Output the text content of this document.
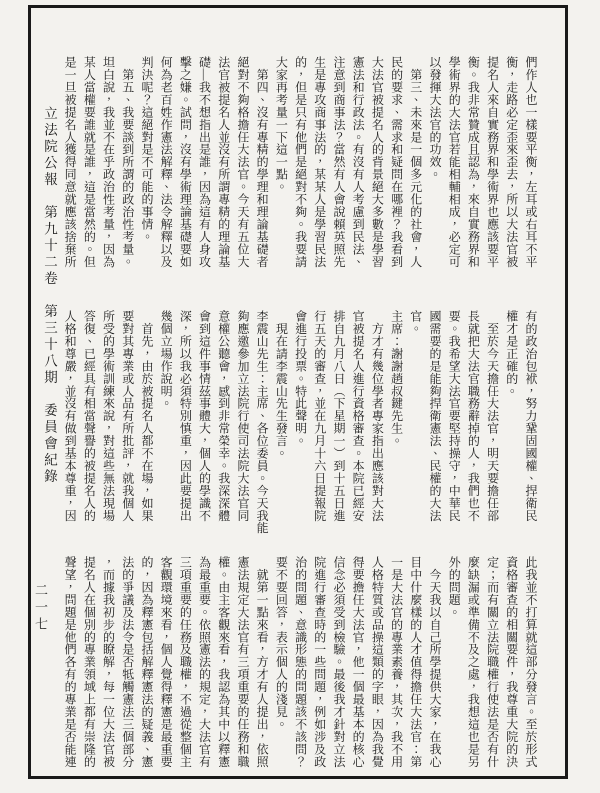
立法院公報　第九十二卷　第三十八期　委員會紀錄
二一七

們作人也一樣要平衡，左耳或右耳不平

衡，走路必定歪來歪去，所以大法官被

提名人來自實務界和學術界也應該要平

衡。我非常贊成且認為，來自實務界和

學術界的大法官若能相輔相成，必定可

以發揮大法官的功效。

　第三、未來是一個多元化的社會，人

民的要求、需求和疑問在哪裡？我看到

大法官被提名人的背景絕大多數是學習

憲法和行政法。有沒有人考慮到民法、

注意到商事法？當然有人會說賴英照先

生是專攻商事法的，某某人是學習民法

的，但是只有他們是絕對不夠。我要請

大家再考量一下這一點。

　第四、沒有專精的學理和理論基礎者

絕對不夠格擔任大法官。今天有五位大

法官被提名人並沒有所謂專精的理論基

礎—我不想指出是誰，因為這有人身攻

擊之嫌。試問，沒有學術理論基礎要如

何為老百姓作憲法解釋、法令解釋以及

判決呢？這絕對是不可能的事情。

　第五、我要談到所謂的政治性考量。

坦白說，我並不在乎政治性考量，因為

某人當權要誰就是誰，這是當然的。但

是一旦被提名人獲得同意就應該捨棄所

有的政治包袱，努力鞏固國權、捍衛民

權才是正確的。

　至於今天擔任大法官，明天要擔任部

長就把大法官職務辭掉的人，我們也不

要。我希望大法官要堅持操守，中華民

國需要的是能夠捍衛憲法、民權的大法

官。

主席：謝謝趙叔鍵先生。

　方才有幾位學者專家指出應該對大法

官被提名人進行資格審查。本院已經安

排自九月八日（下星期一）到十五日進

行五天的審查，並在九月十六日提報院

會進行投票。特此聲明。

　現在請李震山先生發言。

李震山先生：主席、各位委員。今天我能

夠應邀參加立法院行使司法院大法官同

意權公聽會，感到非常榮幸。我深深體

會到這件事情茲事體大，個人的學識不

深，所以我必須特別慎重，因此要提出

幾個立場作說明。

　首先，由於被提名人都不在場，如果

要對其專業或人品有所批評，就我個人

所受的學術訓練來說，對這些無法現場

答復、已經具有相當聲譽的被提名人的

人格和尊嚴，並沒有做到基本尊重，因

此我並不打算就這部分發言。至於形式

資格審查的相關要件，我尊重大院的決

定；而有關立法院職權行使法是否有什

麼缺漏或準備不及之處，我想這也是另

外的問題。

　今天我以自己所學提供大家，在我心

目中什麼樣的人才值得擔任大法官：第

一是大法官的專業素養，其次，我不用

人格特質或品操這類的字眼，因為我覺

得要擔任大法官，他一個最基本的核心

信念必須受到檢驗。最後我才針對立法

院進行審查時的一些問題，例如涉及政

治的問題、意識形態的問題該不該問？

要不要回答，表示個人的淺見。

　就第一點來看，方才有人提出，依照

憲法規定大法官有三項重要的任務和職

權。由主客觀來看，我認為其中以釋憲

為最重要。依照憲法的規定，大法官有

三項重要的任務及職權，不過從整個主

客觀環境來看，個人覺得釋憲是最重要

的，因為釋憲包括解釋憲法的疑義、憲

法的爭議及法令是否牴觸憲法三個部分

，而據我初步的瞭解，每一位大法官被

提名人在個別的專業領域上都有崇隆的

聲望，問題是他們各有的專業是否能連
